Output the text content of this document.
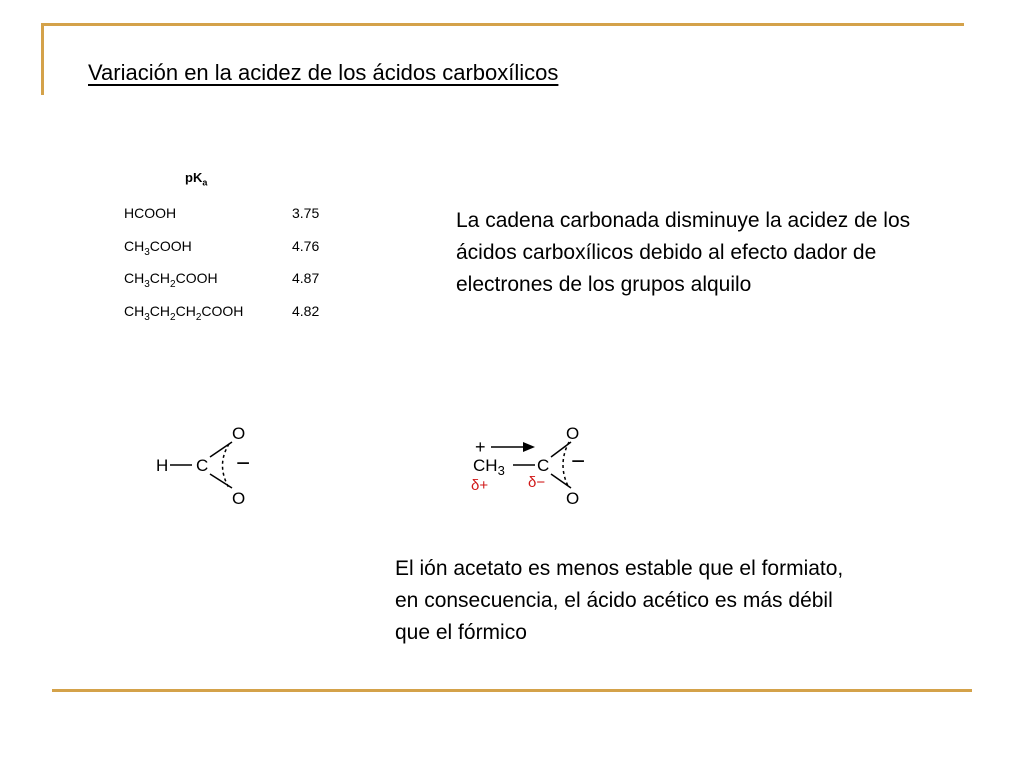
Variación en la acidez de los ácidos carboxílicos
$pK_a$
HCOOH	3.75
$CH_3COOH$	4.76
$CH_3CH_2COOH$	4.87
$CH_3CH_2CH_2COOH$	4.82
La cadena carbonada disminuye la acidez de los ácidos carboxílicos debido al efecto dador de electrones de los grupos alquilo
H C
O
O
−
+
$CH_3$ C
O
O
−
δ+	δ−
El ión acetato es menos estable que el formiato, en consecuencia, el ácido acético es más débil que el fórmico
